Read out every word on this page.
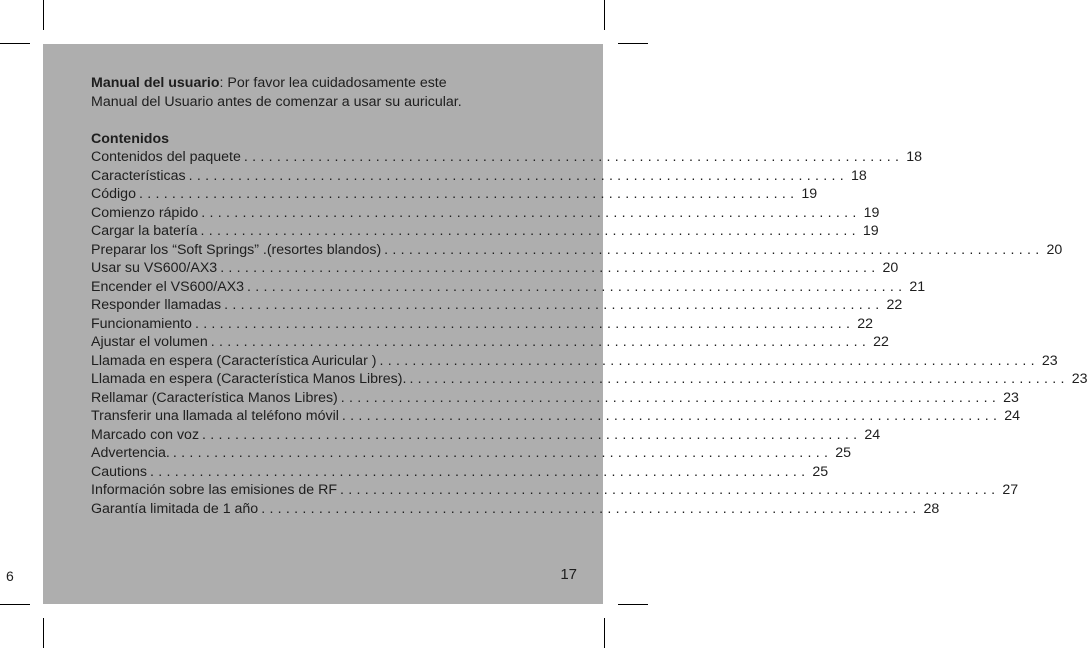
6

Manual del usuario: Por favor lea cuidadosamente este Manual del Usuario antes de comenzar a usar su auricular.

Contenidos
Contenidos del paquete ................................................................................ 18
Características ................................................................................ 18
Código ................................................................................ 19
Comienzo rápido ................................................................................ 19
Cargar la batería ................................................................................ 19
Preparar los “Soft Springs” .(resortes blandos) ................................................................................ 20
Usar su VS600/AX3 ................................................................................ 20
Encender el VS600/AX3 ................................................................................ 21
Responder llamadas ................................................................................ 22
Funcionamiento ................................................................................ 22
Ajustar el volumen ................................................................................ 22
Llamada en espera (Característica Auricular ) ................................................................................ 23
Llamada en espera (Característica Manos Libres). ................................................................................ 23
Rellamar (Característica Manos Libres) ................................................................................ 23
Transferir una llamada al teléfono móvil ................................................................................ 24
Marcado con voz ................................................................................ 24
Advertencia. ................................................................................ 25
Cautions ................................................................................ 25
Información sobre las emisiones de RF ................................................................................ 27
Garantía limitada de 1 año ................................................................................ 28
17
